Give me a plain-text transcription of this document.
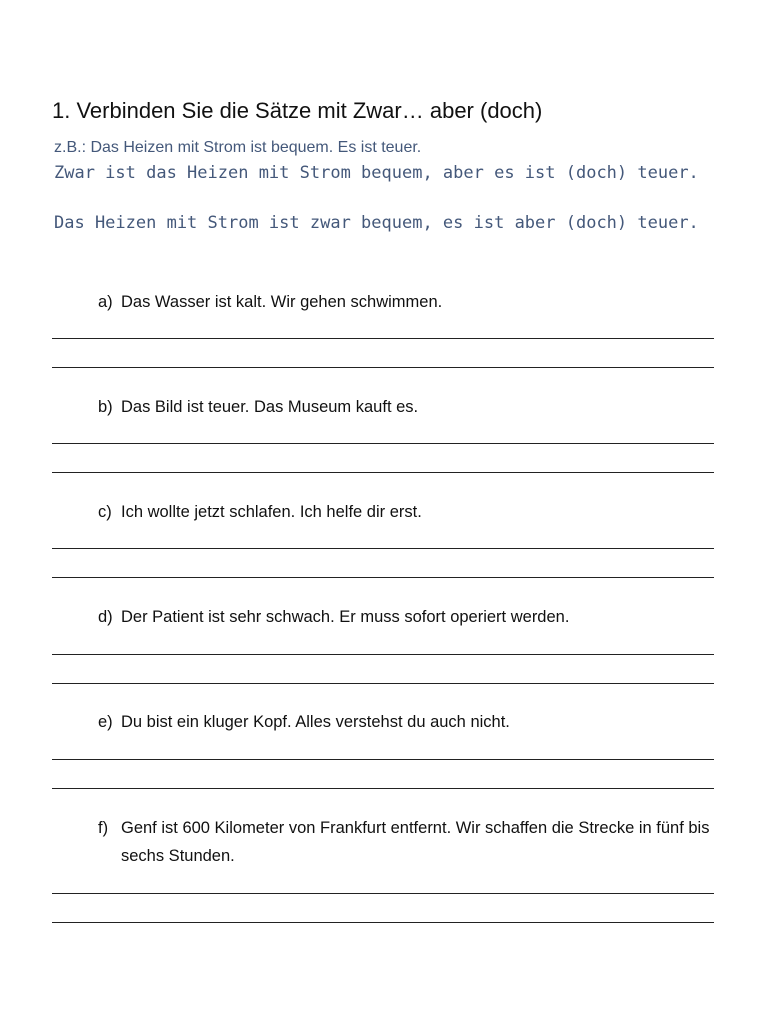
1. Verbinden Sie die Sätze mit Zwar… aber (doch)
z.B.: Das Heizen mit Strom ist bequem. Es ist teuer.
Zwar ist das Heizen mit Strom bequem, aber es ist (doch) teuer.
Das Heizen mit Strom ist zwar bequem, es ist aber (doch) teuer.
a) Das Wasser ist kalt. Wir gehen schwimmen.
b) Das Bild ist teuer. Das Museum kauft es.
c) Ich wollte jetzt schlafen. Ich helfe dir erst.
d) Der Patient ist sehr schwach. Er muss sofort operiert werden.
e) Du bist ein kluger Kopf. Alles verstehst du auch nicht.
f) Genf ist 600 Kilometer von Frankfurt entfernt. Wir schaffen die Strecke in fünf bis sechs Stunden.
